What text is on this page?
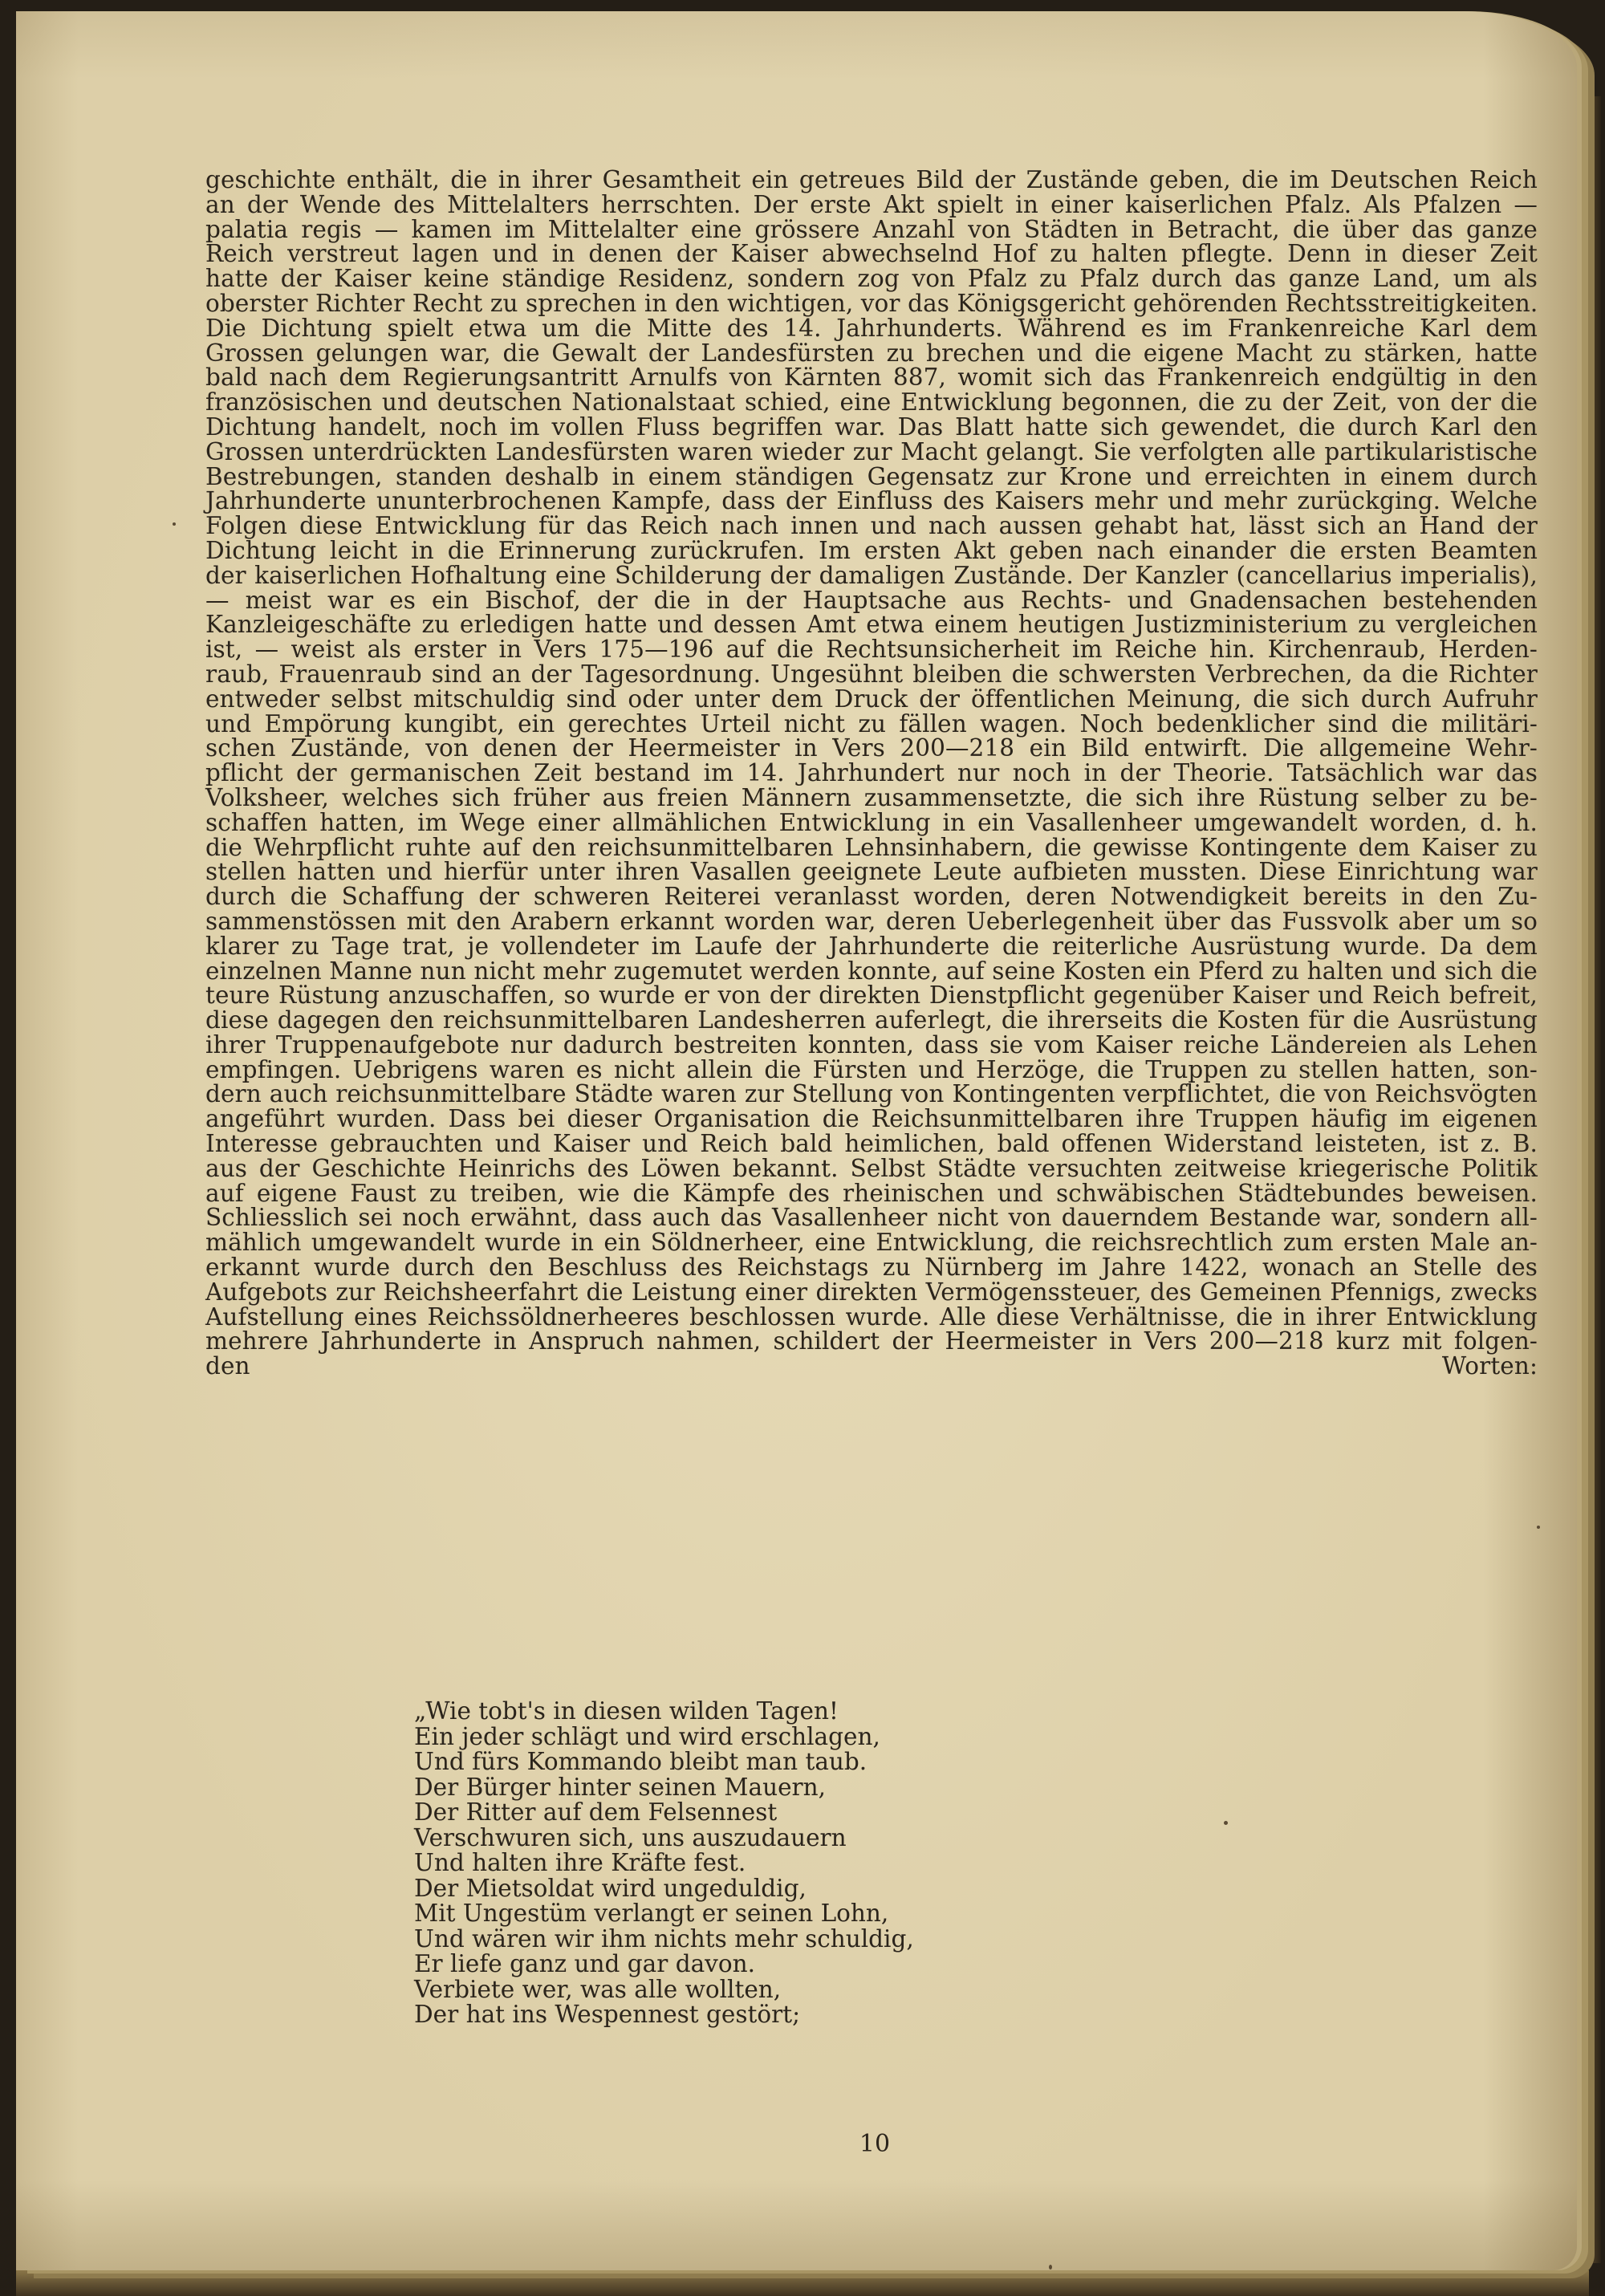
geschichte enthält, die in ihrer Gesamtheit ein getreues Bild der Zustände geben, die im Deutschen Reich
an der Wende des Mittelalters herrschten. Der erste Akt spielt in einer kaiserlichen Pfalz. Als Pfalzen —
palatia regis — kamen im Mittelalter eine grössere Anzahl von Städten in Betracht, die über das ganze
Reich verstreut lagen und in denen der Kaiser abwechselnd Hof zu halten pflegte. Denn in dieser Zeit
hatte der Kaiser keine ständige Residenz, sondern zog von Pfalz zu Pfalz durch das ganze Land, um als
oberster Richter Recht zu sprechen in den wichtigen, vor das Königsgericht gehörenden Rechtsstreitigkeiten.
Die Dichtung spielt etwa um die Mitte des 14. Jahrhunderts. Während es im Frankenreiche Karl dem
Grossen gelungen war, die Gewalt der Landesfürsten zu brechen und die eigene Macht zu stärken, hatte
bald nach dem Regierungsantritt Arnulfs von Kärnten 887, womit sich das Frankenreich endgültig in den
französischen und deutschen Nationalstaat schied, eine Entwicklung begonnen, die zu der Zeit, von der die
Dichtung handelt, noch im vollen Fluss begriffen war. Das Blatt hatte sich gewendet, die durch Karl den
Grossen unterdrückten Landesfürsten waren wieder zur Macht gelangt. Sie verfolgten alle partikularistische
Bestrebungen, standen deshalb in einem ständigen Gegensatz zur Krone und erreichten in einem durch
Jahrhunderte ununterbrochenen Kampfe, dass der Einfluss des Kaisers mehr und mehr zurückging. Welche
Folgen diese Entwicklung für das Reich nach innen und nach aussen gehabt hat, lässt sich an Hand der
Dichtung leicht in die Erinnerung zurückrufen. Im ersten Akt geben nach einander die ersten Beamten
der kaiserlichen Hofhaltung eine Schilderung der damaligen Zustände. Der Kanzler (cancellarius imperialis),
— meist war es ein Bischof, der die in der Hauptsache aus Rechts- und Gnadensachen bestehenden
Kanzleigeschäfte zu erledigen hatte und dessen Amt etwa einem heutigen Justizministerium zu vergleichen
ist, — weist als erster in Vers 175—196 auf die Rechtsunsicherheit im Reiche hin. Kirchenraub, Herden-
raub, Frauenraub sind an der Tagesordnung. Ungesühnt bleiben die schwersten Verbrechen, da die Richter
entweder selbst mitschuldig sind oder unter dem Druck der öffentlichen Meinung, die sich durch Aufruhr
und Empörung kungibt, ein gerechtes Urteil nicht zu fällen wagen. Noch bedenklicher sind die militäri-
schen Zustände, von denen der Heermeister in Vers 200—218 ein Bild entwirft. Die allgemeine Wehr-
pflicht der germanischen Zeit bestand im 14. Jahrhundert nur noch in der Theorie. Tatsächlich war das
Volksheer, welches sich früher aus freien Männern zusammensetzte, die sich ihre Rüstung selber zu be-
schaffen hatten, im Wege einer allmählichen Entwicklung in ein Vasallenheer umgewandelt worden, d. h.
die Wehrpflicht ruhte auf den reichsunmittelbaren Lehnsinhabern, die gewisse Kontingente dem Kaiser zu
stellen hatten und hierfür unter ihren Vasallen geeignete Leute aufbieten mussten. Diese Einrichtung war
durch die Schaffung der schweren Reiterei veranlasst worden, deren Notwendigkeit bereits in den Zu-
sammenstössen mit den Arabern erkannt worden war, deren Ueberlegenheit über das Fussvolk aber um so
klarer zu Tage trat, je vollendeter im Laufe der Jahrhunderte die reiterliche Ausrüstung wurde. Da dem
einzelnen Manne nun nicht mehr zugemutet werden konnte, auf seine Kosten ein Pferd zu halten und sich die
teure Rüstung anzuschaffen, so wurde er von der direkten Dienstpflicht gegenüber Kaiser und Reich befreit,
diese dagegen den reichsunmittelbaren Landesherren auferlegt, die ihrerseits die Kosten für die Ausrüstung
ihrer Truppenaufgebote nur dadurch bestreiten konnten, dass sie vom Kaiser reiche Ländereien als Lehen
empfingen. Uebrigens waren es nicht allein die Fürsten und Herzöge, die Truppen zu stellen hatten, son-
dern auch reichsunmittelbare Städte waren zur Stellung von Kontingenten verpflichtet, die von Reichsvögten
angeführt wurden. Dass bei dieser Organisation die Reichsunmittelbaren ihre Truppen häufig im eigenen
Interesse gebrauchten und Kaiser und Reich bald heimlichen, bald offenen Widerstand leisteten, ist z. B.
aus der Geschichte Heinrichs des Löwen bekannt. Selbst Städte versuchten zeitweise kriegerische Politik
auf eigene Faust zu treiben, wie die Kämpfe des rheinischen und schwäbischen Städtebundes beweisen.
Schliesslich sei noch erwähnt, dass auch das Vasallenheer nicht von dauerndem Bestande war, sondern all-
mählich umgewandelt wurde in ein Söldnerheer, eine Entwicklung, die reichsrechtlich zum ersten Male an-
erkannt wurde durch den Beschluss des Reichstags zu Nürnberg im Jahre 1422, wonach an Stelle des
Aufgebots zur Reichsheerfahrt die Leistung einer direkten Vermögenssteuer, des Gemeinen Pfennigs, zwecks
Aufstellung eines Reichssöldnerheeres beschlossen wurde. Alle diese Verhältnisse, die in ihrer Entwicklung
mehrere Jahrhunderte in Anspruch nahmen, schildert der Heermeister in Vers 200—218 kurz mit folgen-
den Worten:
„Wie tobt's in diesen wilden Tagen!
Ein jeder schlägt und wird erschlagen,
Und fürs Kommando bleibt man taub.
Der Bürger hinter seinen Mauern,
Der Ritter auf dem Felsennest
Verschwuren sich, uns auszudauern
Und halten ihre Kräfte fest.
Der Mietsoldat wird ungeduldig,
Mit Ungestüm verlangt er seinen Lohn,
Und wären wir ihm nichts mehr schuldig,
Er liefe ganz und gar davon.
Verbiete wer, was alle wollten,
Der hat ins Wespennest gestört;
10
